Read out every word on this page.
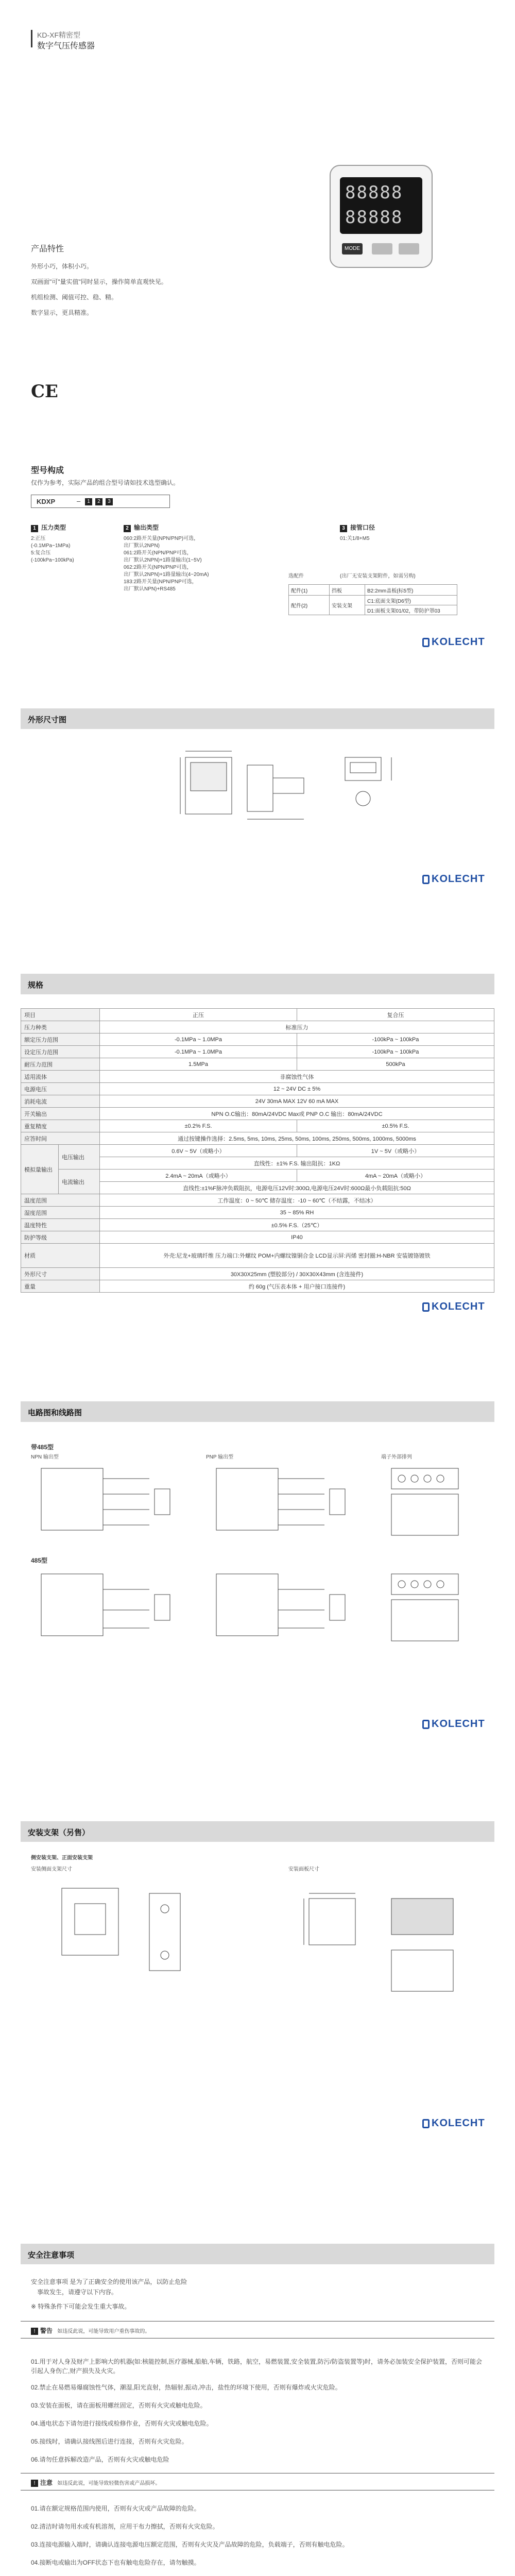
KD-XF精密型
数字气压传感器
88888
88888
MODE
产品特性
外形小巧，体积小巧。
双画面"可"量实值"同时显示，操作简单直观快见。
机组检测、阈值可控、稳、精。
数字显示，更具精准。
CE
型号构成
仅作为参考，实际产品的组合型号请如技术选型确认。
KDXP	–	1	2	3
1 压力类型
2:正压
(-0.1MPa~1MPa)
5:复合压
(-100kPa~100kPa)
2 输出类型
060:2路开关量(NPN/PNP)可选，
出厂默认2NPN)
061:2路开关(NPN/PNP可选，
出厂默认2NPN)+1路量输出(1~5V)
062:2路开关(NPN/PNP可选，
出厂默认2NPN)+1路量输出(4~20mA)
183:2路开关量(NPN/PNP可选，
出厂默认NPN)+RS485
3 接管口径
01:关1/8+M5
选配件	(出厂无安装支架附件，如需另购)
配件(1)	挡板	B2:2mm盖板(标5型)
配件(2)	安装支架	C1:底面支架(D6型)
		D1:面板支架01/02，带防护罩03
KOLECHT
外形尺寸图
KOLECHT
规格
项目		正压	复合压
压力种类		标准压力	
额定压力范围		-0.1MPa ~ 1.0MPa	-100kPa ~ 100kPa
设定压力范围		-0.1MPa ~ 1.0MPa	-100kPa ~ 100kPa
耐压力范围		1.5MPa	500kPa
适用流体		非腐蚀性气体	
电源电压		12 ~ 24V DC ± 5%	
消耗电流		24V 30mA MAX 12V 60 mA MAX	
开关输出		NPN O.C输出：80mA/24VDC Max或 PNP O.C 输出：80mA/24VDC	
重复精度		±0.2% F.S.	±0.5% F.S.
应答时间		通过按键操作选择：2.5ms, 5ms, 10ms, 25ms, 50ms, 100ms, 250ms, 500ms, 1000ms, 5000ms	
模拟量输出	电压输出	0.6V ~ 5V（或略小）	1V ~ 5V（或略小）
		直线性：±1% F.S. 输出阻抗：1KΩ	
	电流输出	2.4mA ~ 20mA（或略小）	4mA ~ 20mA（或略小）
		直线性:±1%F脉冲负载阻抗，电源电压12V时:300Ω,电源电压24V时:600Ω最小负载阻抗:50Ω	
温度范围		工作温度：0 ~ 50℃ 储存温度：-10 ~ 60℃（不结露，不结冰）	
湿度范围		35 ~ 85% RH	
温度特性		±0.5% F.S.（25℃）	
防护等级		IP40	
材质		外壳:尼龙+玻璃纤维 压力端口:外螺纹 POM+内螺纹镍铜合金 LCD显示屏:丙烯 密封圈:H-NBR 安装镀铬镀铁	
外形尺寸		30X30X25mm (塑胶部分) / 30X30X43mm (含连接件)	
重量		约 60g (气压表本体 + 用户接口连接件)	
KOLECHT
电路图和线路图
带485型
NPN 输出型	PNP 输出型	端子外部排列
485型
KOLECHT
安装支架（另售）
侧安装支架、正面安装支架
安装侧面支架尺寸	安装面板尺寸
KOLECHT
安全注意事项
安全注意事项 是为了正确安全的使用该产品，以防止危险
事故发生，请遵守以下内容。
※ 特殊条件下可能会发生重大事故。
! 警告 如违反此说，可能导致用户重伤事故的。
01.用于对人身及财产上影响大的机器(如:核能控制,医疗器械,船舶,车辆，铁路，航空，易燃装置,安全装置,防污/防盗装置等)时，请务必加装安全保护装置，否则可能会引起人身伤亡,财产损失及火灾。
02.禁止在易燃易爆腐蚀性气体，潮湿,阳光直射，热辐射,振动,冲击，盐性的环境下使用，否则有爆炸或火灾危险。
03.安装在面板，请在面板用螺丝固定，否则有火灾或触电危险。
04.通电状态下请勿进行接线或检修作业，否则有火灾或触电危险。
05.接线时，请确认接线图后进行连接，否则有火灾危险。
06.请勿任意拆解改造产品，否则有火灾或触电危险
! 注意 如违反此说，可能导致轻微伤害或产品损坏。
01.请在额定规格范围内使用，否则有火灾或产品故障的危险。
02.清洁时请勿用水或有机溶剂，应用干布力擦拭，否则有火灾危险。
03.连接电源输入端时，请确认连接电源电压额定范围，否则有火灾及产品故障的危险，负载端子，否则有触电危险。
04.接断电或输出为OFF状态下也有触电危险存在，请勿触摸。
